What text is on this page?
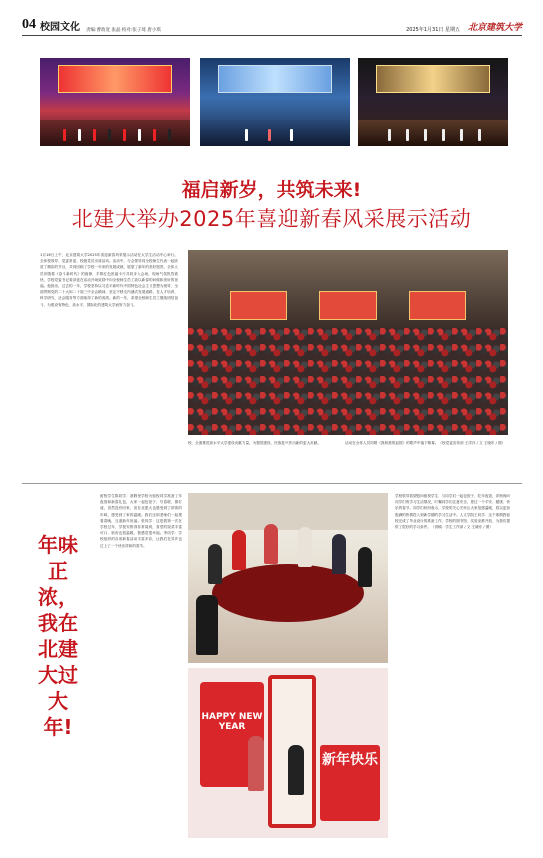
04 校园文化 责编:曹政宽 张晶 校对:张子琦 唐小琪	2025年1月31日 星期五 北京建筑大学
福启新岁，共筑未来!
北建大举办2025年喜迎新春风采展示活动
1月16日上午，北京建筑大学2025年喜迎新春风采展示活动在大学生活动中心举行。全体校领导、党委常委、校级党员出席活动。活动中，与会领导同全校师生代表一起欣赏了精彩的节目，共同回顾了学校一年来的发展成就，展望了新年的美好愿景。全体人员伴随着《奋斗新时代》的旋律，手捧红色祝福卡片共同步入会场，现场气氛热烈欢快。学校党委书记姜泽廷在活动开场致辞中向全校师生员工致以新春的问候和美好的祝福。他指出，过去的一年，学校坚持以习近平新时代中国特色社会主义思想为指导，全面贯彻党的二十大和二十届三中全会精神，坚定不移走内涵式发展道路，在人才培养、科学研究、社会服务等方面取得了新的成绩。新的一年，希望全校师生员工继续团结奋斗，为建设有特色、高水平、国际化的建筑大学而努力奋斗。
校、全面推进高水平大学建设贡献力量，为强国建设、民族复兴作出新的更大贡献。	活动在全体人员同唱《我和我的祖国》的歌声中落下帷幕。（校党委宣传部 王洋洋 / 文 王晓东 / 图）
年味正浓，我在北建大过大年!
留校学生陈同学：寒假里学校为留校同学准备了年夜饭和新春礼包，大家一起包饺子、写春联、猜灯谜，虽然没有回家，但在北建大也感受到了浓浓的年味，感受到了家的温暖。我们还和老师们一起观看春晚，互道新年祝福。张同学：这是我第一次在学校过年，学校安排得非常周到，食堂的饭菜丰富可口，宿舍也很温暖，我感觉很幸福。李同学：学校组织的各项新春活动丰富多彩，让我们在异乡也过上了一个快乐祥和的春节。
HAPPY NEW YEAR
新年快乐
学校领导看望慰问留校学生，与同学们一起包饺子、吃年夜饭，详细询问同学们的学习生活情况，叮嘱同学们注意安全，度过一个平安、健康、快乐的春节。同学们纷纷表示，学校的关心关怀让大家倍感温暖，将以更加饱满的热情投入到新学期的学习生活中。人文学院王同学：这个寒假我留校完成了毕业设计的准备工作，学校的图书馆、实验室都开放，为我们提供了很好的学习条件。（供稿：学生工作部 / 文 王晓东 / 图）
